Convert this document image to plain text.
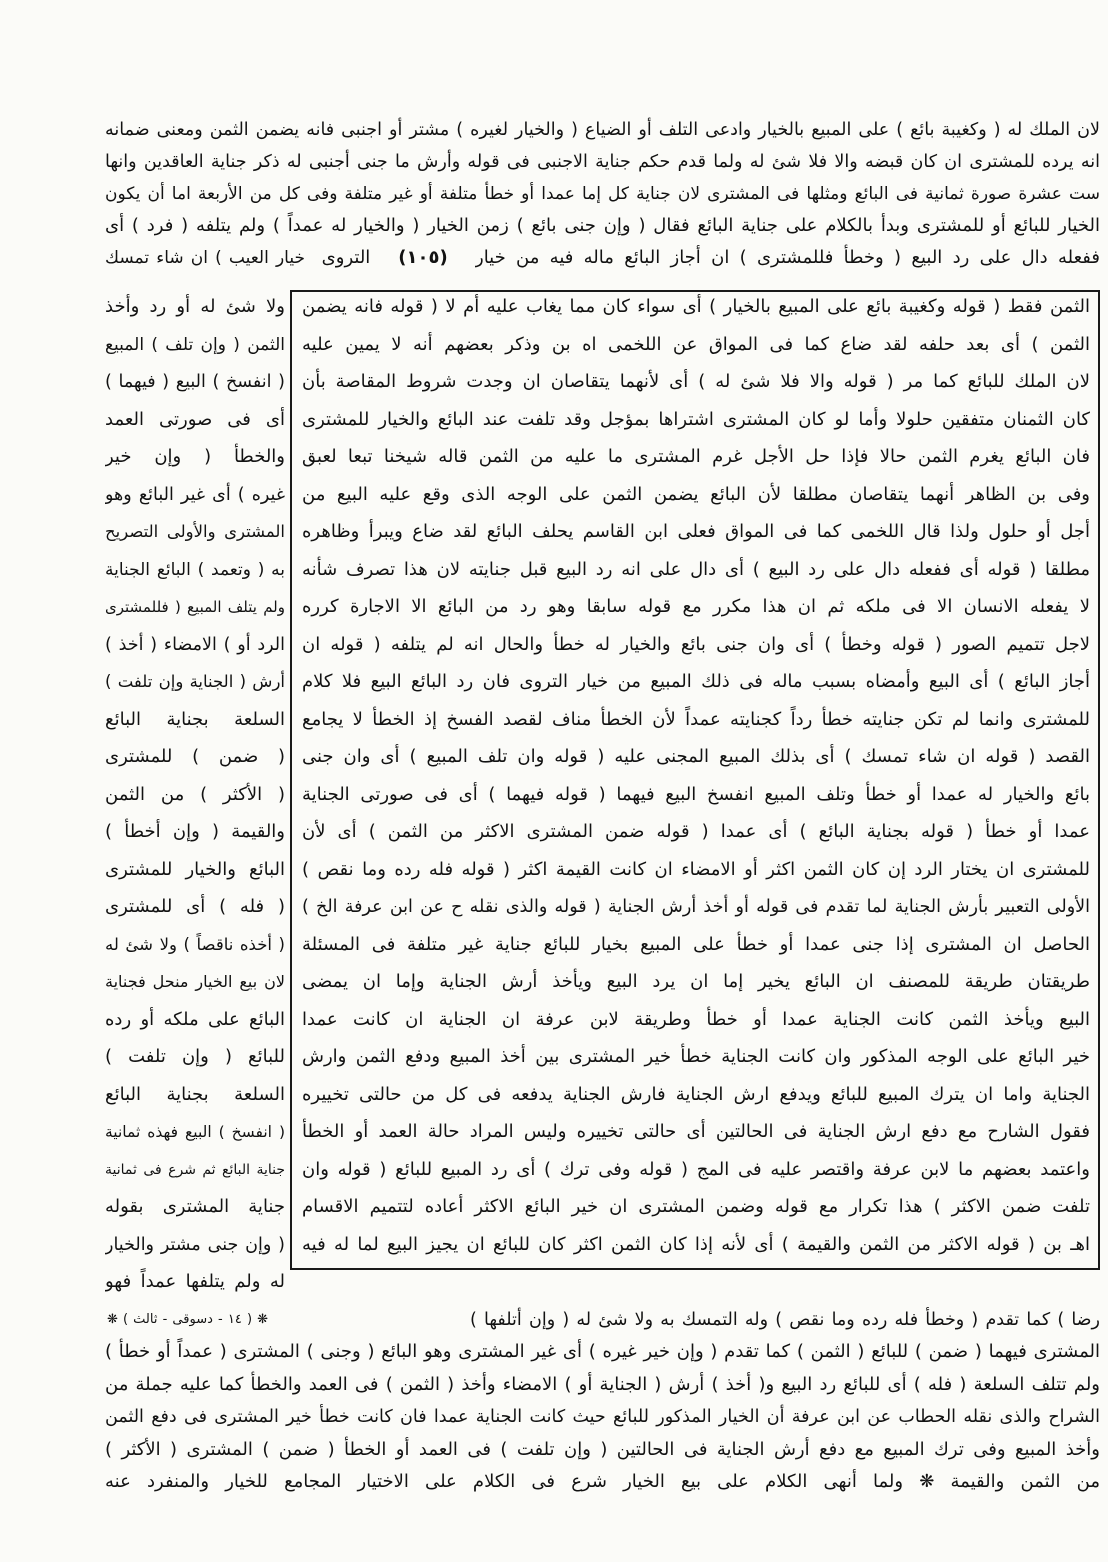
لان الملك له ( وكغيبة بائع ) على المبيع بالخيار وادعى التلف أو الضياع ( والخيار لغيره ) مشتر أو اجنبى فانه يضمن الثمن ومعنى ضمانه
انه يرده للمشترى ان كان قبضه والا فلا شئ له ولما قدم حكم جناية الاجنبى فى قوله وأرش ما جنى أجنبى له ذكر جناية العاقدين وانها
ست عشرة صورة ثمانية فى البائع ومثلها فى المشترى لان جناية كل إما عمدا أو خطأ متلفة أو غير متلفة وفى كل من الأربعة اما أن يكون
الخيار للبائع أو للمشترى وبدأ بالكلام على جناية البائع فقال ( وإن جنى بائع ) زمن الخيار ( والخيار له عمداً ) ولم يتلفه ( فرد ) أى
ففعله دال على رد البيع ( وخطأ فللمشترى ) ان أجاز البائع ماله فيه من خيار
(١٠٥)
التروى
خيار العيب ) ان شاء تمسك
الثمن فقط ( قوله وكغيبة بائع على المبيع بالخيار ) أى سواء كان مما يغاب عليه أم لا ( قوله فانه يضمن
الثمن ) أى بعد حلفه لقد ضاع كما فى المواق عن اللخمى اه بن وذكر بعضهم أنه لا يمين عليه
لان الملك للبائع كما مر ( قوله والا فلا شئ له ) أى لأنهما يتقاصان ان وجدت شروط المقاصة بأن
كان الثمنان متفقين حلولا وأما لو كان المشترى اشتراها بمؤجل وقد تلفت عند البائع والخيار للمشترى
فان البائع يغرم الثمن حالا فإذا حل الأجل غرم المشترى ما عليه من الثمن قاله شيخنا تبعا لعبق
وفى بن الظاهر أنهما يتقاصان مطلقا لأن البائع يضمن الثمن على الوجه الذى وقع عليه البيع من
أجل أو حلول ولذا قال اللخمى كما فى المواق فعلى ابن القاسم يحلف البائع لقد ضاع ويبرأ وظاهره
مطلقا ( قوله أى ففعله دال على رد البيع ) أى دال على انه رد البيع قبل جنايته لان هذا تصرف شأنه
لا يفعله الانسان الا فى ملكه ثم ان هذا مكرر مع قوله سابقا وهو رد من البائع الا الاجارة كرره
لاجل تتميم الصور ( قوله وخطأ ) أى وان جنى بائع والخيار له خطأ والحال انه لم يتلفه ( قوله ان
أجاز البائع ) أى البيع وأمضاه بسبب ماله فى ذلك المبيع من خيار التروى فان رد البائع البيع فلا كلام
للمشترى وانما لم تكن جنايته خطأ رداً كجنايته عمداً لأن الخطأ مناف لقصد الفسخ إذ الخطأ لا يجامع
القصد ( قوله ان شاء تمسك ) أى بذلك المبيع المجنى عليه ( قوله وان تلف المبيع ) أى وان جنى
بائع والخيار له عمدا أو خطأ وتلف المبيع انفسخ البيع فيهما ( قوله فيهما ) أى فى صورتى الجناية
عمدا أو خطأ ( قوله بجناية البائع ) أى عمدا ( قوله ضمن المشترى الاكثر من الثمن ) أى لأن
للمشترى ان يختار الرد إن كان الثمن اكثر أو الامضاء ان كانت القيمة اكثر ( قوله فله رده وما نقص )
الأولى التعبير بأرش الجناية لما تقدم فى قوله أو أخذ أرش الجناية ( قوله والذى نقله ح عن ابن عرفة الخ )
الحاصل ان المشترى إذا جنى عمدا أو خطأ على المبيع بخيار للبائع جناية غير متلفة فى المسئلة
طريقتان طريقة للمصنف ان البائع يخير إما ان يرد البيع ويأخذ أرش الجناية وإما ان يمضى
البيع ويأخذ الثمن كانت الجناية عمدا أو خطأ وطريقة لابن عرفة ان الجناية ان كانت عمدا
خير البائع على الوجه المذكور وان كانت الجناية خطأ خير المشترى بين أخذ المبيع ودفع الثمن وارش
الجناية واما ان يترك المبيع للبائع ويدفع ارش الجناية فارش الجناية يدفعه فى كل من حالتى تخييره
فقول الشارح مع دفع ارش الجناية فى الحالتين أى حالتى تخييره وليس المراد حالة العمد أو الخطأ
واعتمد بعضهم ما لابن عرفة واقتصر عليه فى المج ( قوله وفى ترك ) أى رد المبيع للبائع ( قوله وان
تلفت ضمن الاكثر ) هذا تكرار مع قوله وضمن المشترى ان خير البائع الاكثر أعاده لتتميم الاقسام
اهـ بن ( قوله الاكثر من الثمن والقيمة ) أى لأنه إذا كان الثمن اكثر كان للبائع ان يجيز البيع لما له فيه
ولا شئ له أو رد وأخذ
الثمن ( وإن تلف ) المبيع
( انفسخ ) البيع ( فيهما )
أى فى صورتى العمد
والخطأ ( وإن خير
غيره ) أى غير البائع وهو
المشترى والأولى التصريح
به ( وتعمد ) البائع الجناية
ولم يتلف المبيع ( فللمشترى
الرد أو ) الامضاء ( أخذ )
أرش ( الجناية وإن تلفت )
السلعة بجناية البائع
( ضمن ) للمشترى
( الأكثر ) من الثمن
والقيمة ( وإن أخطأ )
البائع والخيار للمشترى
( فله ) أى للمشترى
( أخذه ناقصاً ) ولا شئ له
لان بيع الخيار منحل فجناية
البائع على ملكه أو رده
للبائع ( وإن تلفت )
السلعة بجناية البائع
( انفسخ ) البيع فهذه ثمانية
جناية البائع ثم شرع فى ثمانية
جناية المشترى بقوله
( وإن جنى مشتر والخيار
له ولم يتلفها عمداً فهو
❋ ( ١٤ - دسوقى - ثالث ) ❋	رضا ) كما تقدم ( وخطأ فله رده وما نقص ) وله التمسك به ولا شئ له ( وإن أتلفها )
المشترى فيهما ( ضمن ) للبائع ( الثمن ) كما تقدم ( وإن خير غيره ) أى غير المشترى وهو البائع ( وجنى ) المشترى ( عمداً أو خطأ )
ولم تتلف السلعة ( فله ) أى للبائع رد البيع و( أخذ ) أرش ( الجناية أو ) الامضاء وأخذ ( الثمن ) فى العمد والخطأ كما عليه جملة من
الشراح والذى نقله الحطاب عن ابن عرفة أن الخيار المذكور للبائع حيث كانت الجناية عمدا فان كانت خطأ خير المشترى فى دفع الثمن
وأخذ المبيع وفى ترك المبيع مع دفع أرش الجناية فى الحالتين ( وإن تلفت ) فى العمد أو الخطأ ( ضمن ) المشترى ( الأكثر )
من الثمن والقيمة ❋ ولما أنهى الكلام على بيع الخيار شرع فى الكلام على الاختيار المجامع للخيار والمنفرد عنه
